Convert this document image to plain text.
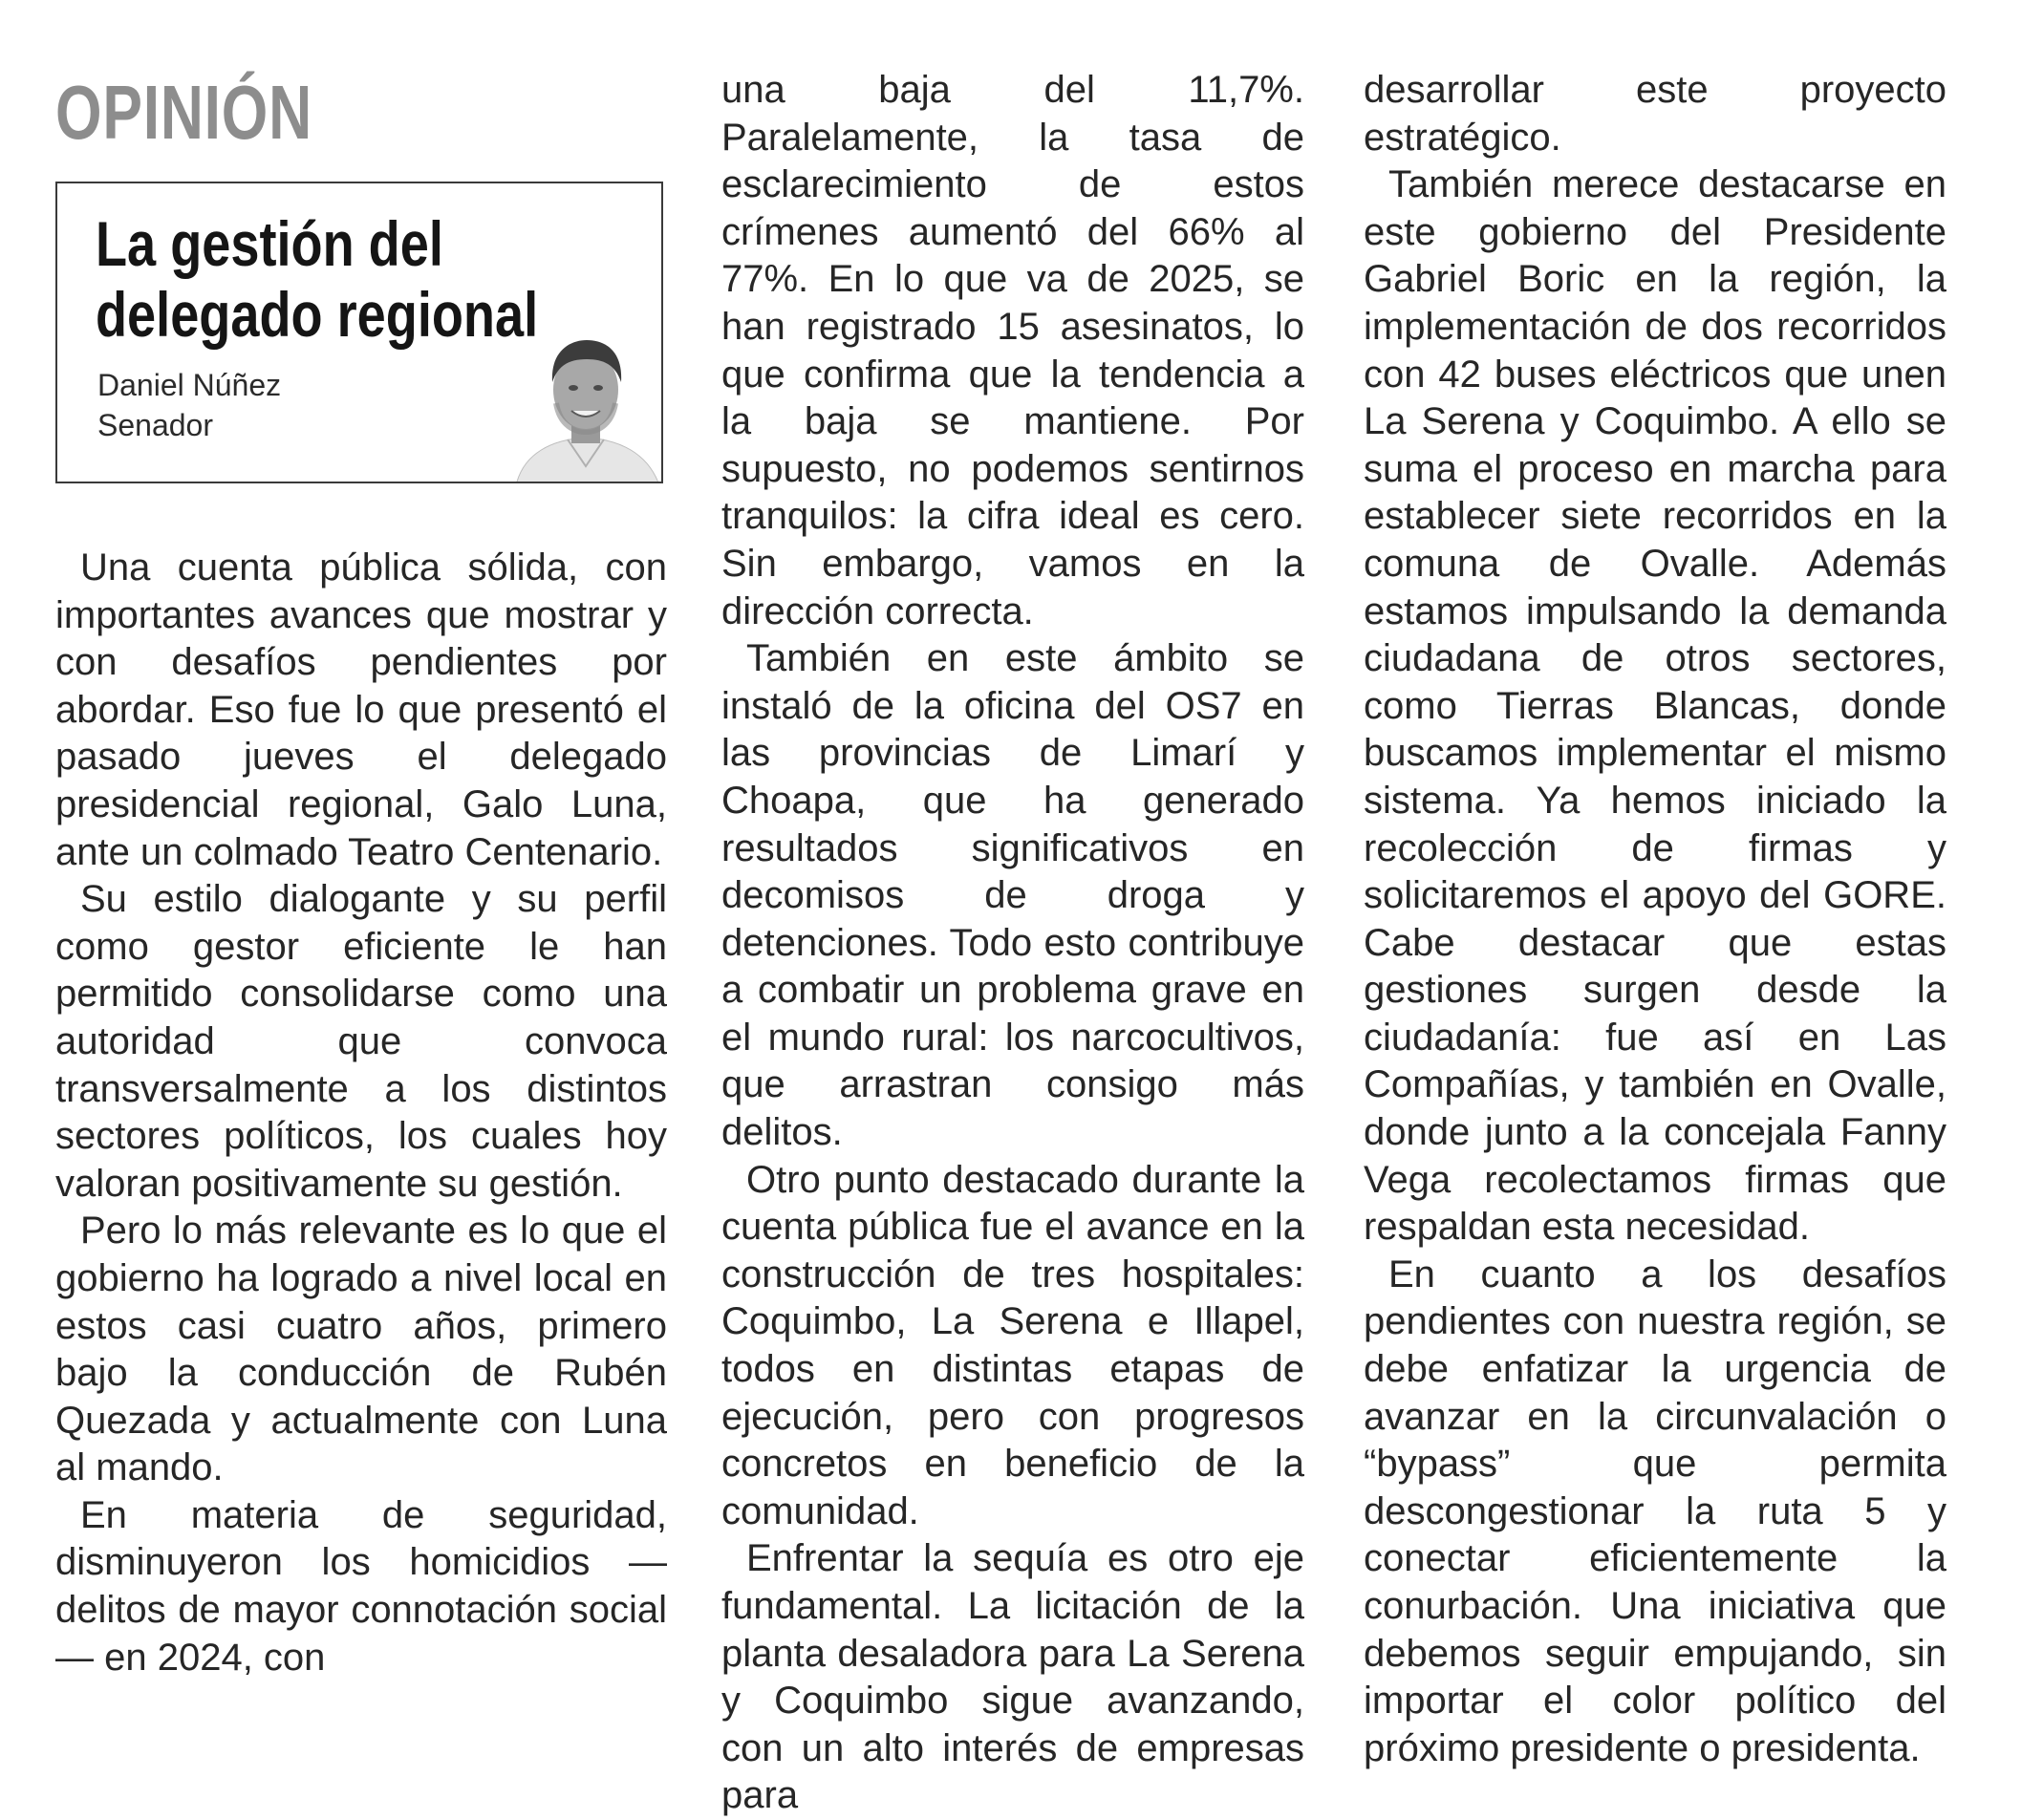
OPINIÓN
La gestión del
delegado regional
Daniel Núñez
Senador

Una cuenta pública sólida, con importantes avances que mostrar y con desafíos pendientes por abordar. Eso fue lo que presentó el pasado jueves el delegado presidencial regional, Galo Luna, ante un colmado Teatro Centenario.

Su estilo dialogante y su perfil como gestor eficiente le han permitido consolidarse como una autoridad que convoca transversalmente a los distintos sectores políticos, los cuales hoy valoran positivamente su gestión.

Pero lo más relevante es lo que el gobierno ha logrado a nivel local en estos casi cuatro años, primero bajo la conducción de Rubén Quezada y actualmente con Luna al mando.

En materia de seguridad, disminuyeron los homicidios —delitos de mayor connotación social— en 2024, con

una baja del 11,7%. Paralelamente, la tasa de esclarecimiento de estos crímenes aumentó del 66% al 77%. En lo que va de 2025, se han registrado 15 asesinatos, lo que confirma que la tendencia a la baja se mantiene. Por supuesto, no podemos sentirnos tranquilos: la cifra ideal es cero. Sin embargo, vamos en la dirección correcta.

También en este ámbito se instaló de la oficina del OS7 en las provincias de Limarí y Choapa, que ha generado resultados significativos en decomisos de droga y detenciones. Todo esto contribuye a combatir un problema grave en el mundo rural: los narcocultivos, que arrastran consigo más delitos.

Otro punto destacado durante la cuenta pública fue el avance en la construcción de tres hospitales: Coquimbo, La Serena e Illapel, todos en distintas etapas de ejecución, pero con progresos concretos en beneficio de la comunidad.

Enfrentar la sequía es otro eje fundamental. La licitación de la planta desaladora para La Serena y Coquimbo sigue avanzando, con un alto interés de empresas para

desarrollar este proyecto estratégico.

También merece destacarse en este gobierno del Presidente Gabriel Boric en la región, la implementación de dos recorridos con 42 buses eléctricos que unen La Serena y Coquimbo. A ello se suma el proceso en marcha para establecer siete recorridos en la comuna de Ovalle. Además estamos impulsando la demanda ciudadana de otros sectores, como Tierras Blancas, donde buscamos implementar el mismo sistema. Ya hemos iniciado la recolección de firmas y solicitaremos el apoyo del GORE. Cabe destacar que estas gestiones surgen desde la ciudadanía: fue así en Las Compañías, y también en Ovalle, donde junto a la concejala Fanny Vega recolectamos firmas que respaldan esta necesidad.

En cuanto a los desafíos pendientes con nuestra región, se debe enfatizar la urgencia de avanzar en la circunvalación o “bypass” que permita descongestionar la ruta 5 y conectar eficientemente la conurbación. Una iniciativa que debemos seguir empujando, sin importar el color político del próximo presidente o presidenta.
